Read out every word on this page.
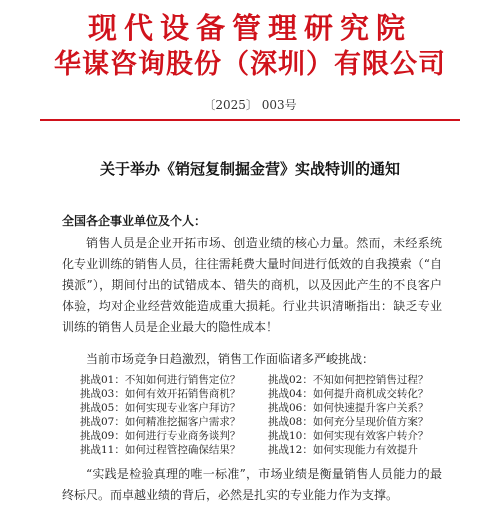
现代设备管理研究院
华谋咨询股份（深圳）有限公司
〔2025〕 003号
关于举办《销冠复制掘金营》实战特训的通知
全国各企事业单位及个人：
销售人员是企业开拓市场、创造业绩的核心力量。然而，未经系统化专业训练的销售人员，往往需耗费大量时间进行低效的自我摸索（“自摸派”），期间付出的试错成本、错失的商机，以及因此产生的不良客户体验，均对企业经营效能造成重大损耗。行业共识清晰指出：缺乏专业训练的销售人员是企业最大的隐性成本！
当前市场竞争日趋激烈，销售工作面临诸多严峻挑战：
挑战01：不知如何进行销售定位？	挑战02：不知如何把控销售过程？
挑战03：如何有效开拓销售商机？	挑战04：如何提升商机成交转化？
挑战05：如何实现专业客户拜访？	挑战06：如何快速提升客户关系？
挑战07：如何精准挖掘客户需求？	挑战08：如何充分呈现价值方案？
挑战09：如何进行专业商务谈判？	挑战10：如何实现有效客户转介？
挑战11：如何过程管控确保结果？	挑战12：如何实现能力有效提升
“实践是检验真理的唯一标准”，市场业绩是衡量销售人员能力的最终标尺。而卓越业绩的背后，必然是扎实的专业能力作为支撑。
